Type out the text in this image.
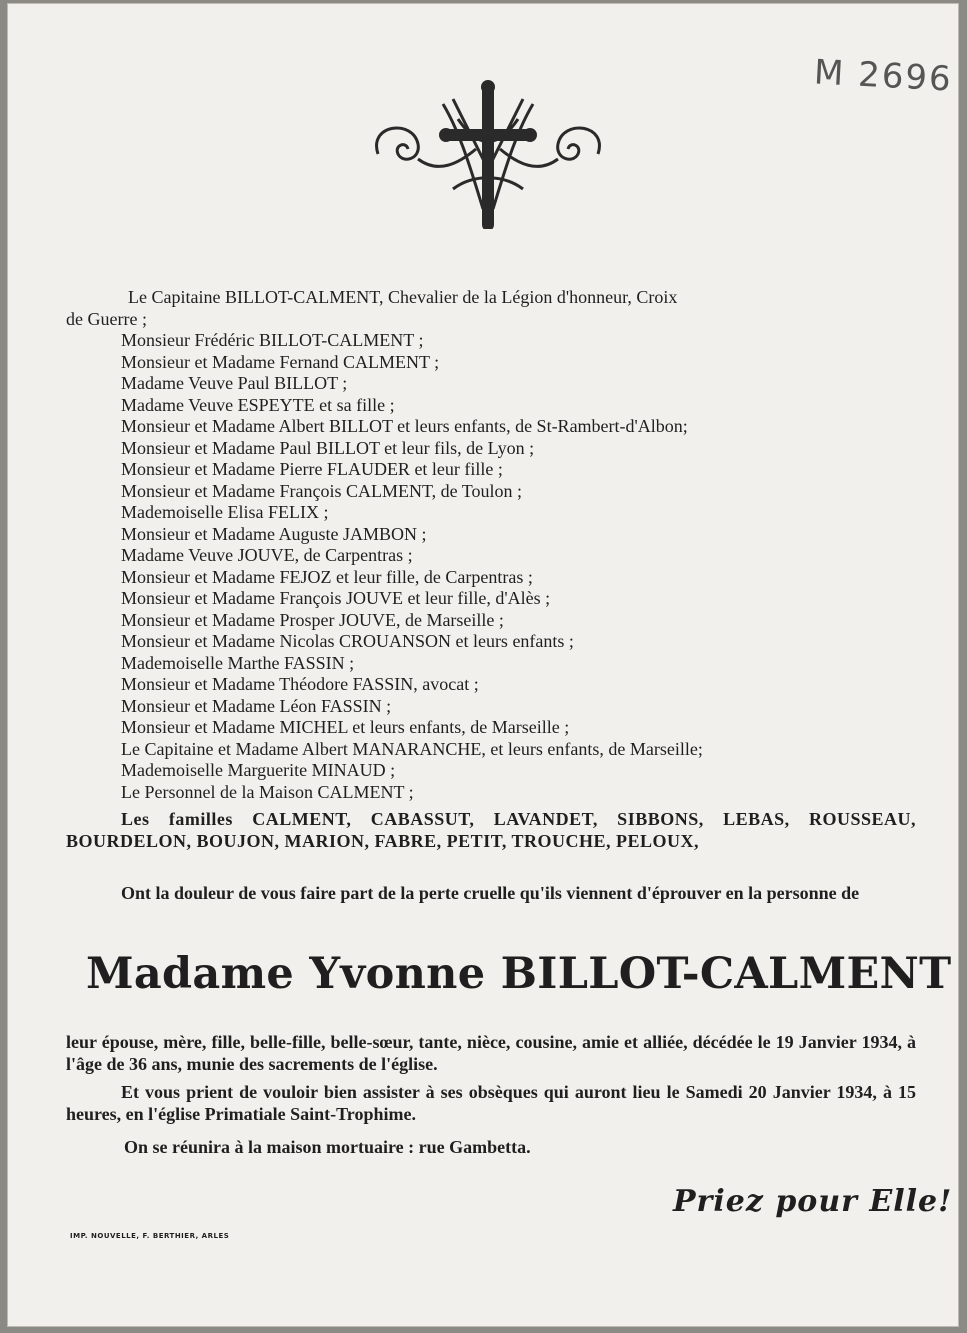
M 2696
Le Capitaine BILLOT-CALMENT, Chevalier de la Légion d'honneur, Croix
de Guerre ;
Monsieur Frédéric BILLOT-CALMENT ;
Monsieur et Madame Fernand CALMENT ;
Madame Veuve Paul BILLOT ;
Madame Veuve ESPEYTE et sa fille ;
Monsieur et Madame Albert BILLOT et leurs enfants, de St-Rambert-d'Albon;
Monsieur et Madame Paul BILLOT et leur fils, de Lyon ;
Monsieur et Madame Pierre FLAUDER et leur fille ;
Monsieur et Madame François CALMENT, de Toulon ;
Mademoiselle Elisa FELIX ;
Monsieur et Madame Auguste JAMBON ;
Madame Veuve JOUVE, de Carpentras ;
Monsieur et Madame FEJOZ et leur fille, de Carpentras ;
Monsieur et Madame François JOUVE et leur fille, d'Alès ;
Monsieur et Madame Prosper JOUVE, de Marseille ;
Monsieur et Madame Nicolas CROUANSON et leurs enfants ;
Mademoiselle Marthe FASSIN ;
Monsieur et Madame Théodore FASSIN, avocat ;
Monsieur et Madame Léon FASSIN ;
Monsieur et Madame MICHEL et leurs enfants, de Marseille ;
Le Capitaine et Madame Albert MANARANCHE, et leurs enfants, de Marseille;
Mademoiselle Marguerite MINAUD ;
Le Personnel de la Maison CALMENT ;
Les familles CALMENT, CABASSUT, LAVANDET, SIBBONS, LEBAS, ROUSSEAU, BOURDELON, BOUJON, MARION, FABRE, PETIT, TROUCHE, PELOUX,
Ont la douleur de vous faire part de la perte cruelle qu'ils viennent d'éprouver en la personne de
Madame Yvonne BILLOT-CALMENT
leur épouse, mère, fille, belle-fille, belle-sœur, tante, nièce, cousine, amie et alliée, décédée le 19 Janvier 1934, à l'âge de 36 ans, munie des sacrements de l'église.
Et vous prient de vouloir bien assister à ses obsèques qui auront lieu le Samedi 20 Janvier 1934, à 15 heures, en l'église Primatiale Saint-Trophime.
On se réunira à la maison mortuaire : rue Gambetta.
Priez pour Elle!
IMP. NOUVELLE, F. BERTHIER, ARLES
